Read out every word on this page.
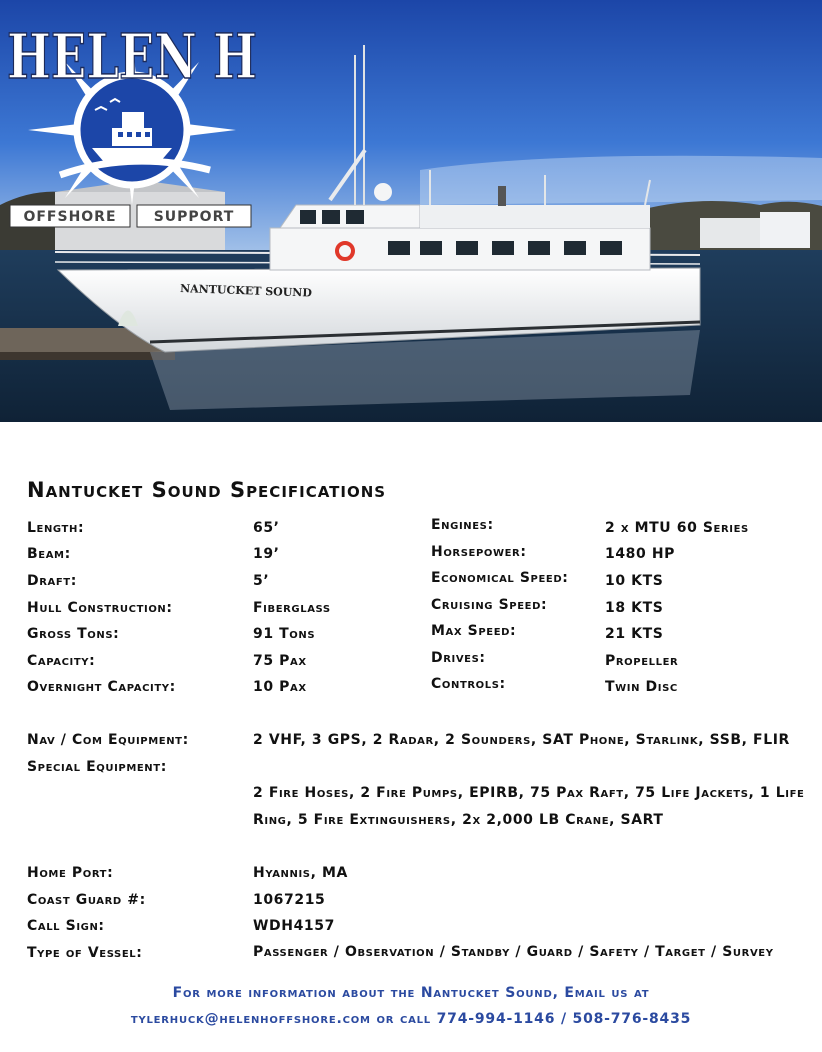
NANTUCKET SOUND
HELEN H
OFFSHORE	SUPPORT
Nantucket Sound Specifications
Length:	65’
Beam:	19’
Draft:	5’
Hull Construction:	Fiberglass
Gross Tons:	91 Tons
Capacity:	75 Pax
Overnight Capacity:	10 Pax
Engines:	2 x MTU 60 Series
Horsepower:	1480 HP
Economical Speed:	10 KTS
Cruising Speed:	18 KTS
Max Speed:	21 KTS
Drives:	Propeller
Controls:	Twin Disc
Nav / Com Equipment:	2 VHF, 3 GPS, 2 Radar, 2 Sounders, SAT Phone, Starlink, SSB, FLIR
Special Equipment:
2 Fire Hoses, 2 Fire Pumps, EPIRB, 75 Pax Raft, 75 Life Jackets, 1 Life Ring, 5 Fire Extinguishers, 2x 2,000 LB Crane, SART
Home Port:	Hyannis, MA
Coast Guard #:	1067215
Call Sign:	WDH4157
Type of Vessel:	Passenger / Observation / Standby / Guard / Safety / Target / Survey
For more information about the Nantucket Sound, Email us at
tylerhuck@helenhoffshore.com or call 774-994-1146 / 508-776-8435
